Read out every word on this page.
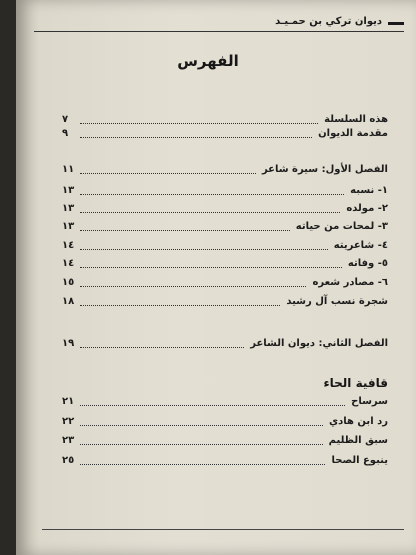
ديوان تركي بن حمـيـد
الفهرس
هذه السلسلة
٧
مقدمة الديوان
٩
الفصل الأول: سيرة شاعر
١١
١- نسبه
١٣
٢- مولده
١٣
٣- لمحات من حياته
١٣
٤- شاعريته
١٤
٥- وفاته
١٤
٦- مصادر شعره
١٥
شجرة نسب آل رشيد
١٨
الفصل الثاني: ديوان الشاعر
١٩
قافية الحاء
سرساح
٢١
رد ابن هادي
٢٢
سبق الظليم
٢٣
ينبوع الصحا
٢٥
